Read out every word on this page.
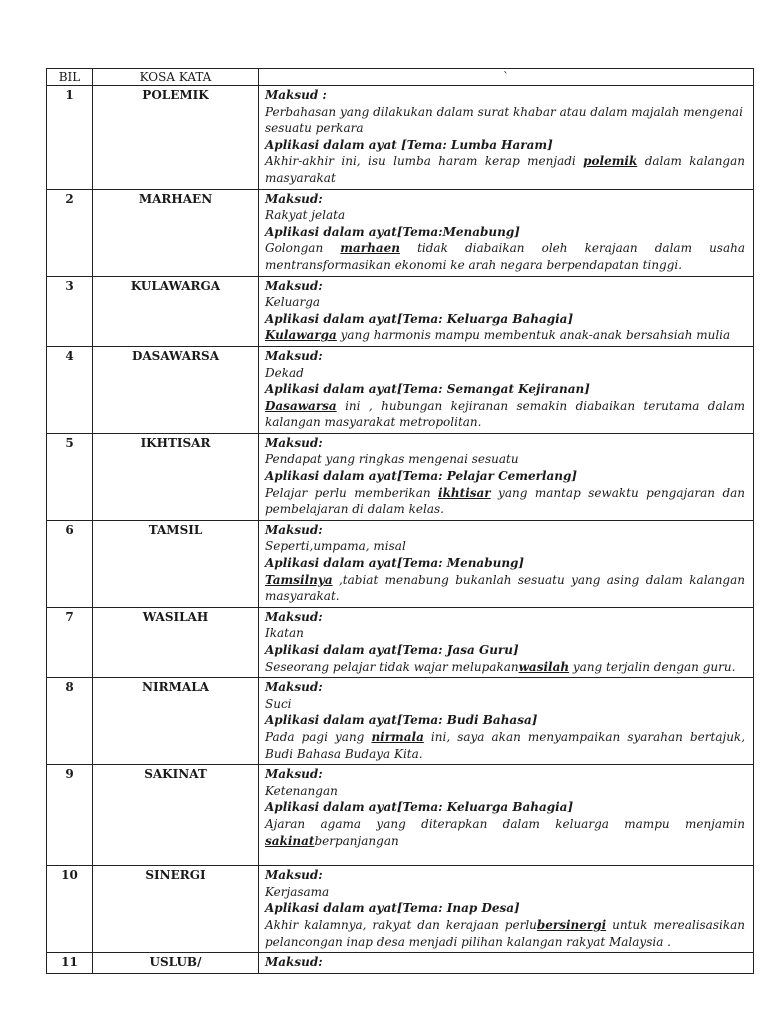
BIL	KOSA KATA	`
1	POLEMIK	Maksud :
Perbahasan yang dilakukan dalam surat khabar atau dalam majalah mengenai sesuatu perkara
Aplikasi dalam ayat [Tema: Lumba Haram]
Akhir-akhir ini, isu lumba haram kerap menjadi polemik dalam kalangan masyarakat

2	MARHAEN	Maksud:
Rakyat jelata
Aplikasi dalam ayat[Tema:Menabung]
Golongan marhaen tidak diabaikan oleh kerajaan dalam usaha mentransformasikan ekonomi ke arah negara berpendapatan tinggi.

3	KULAWARGA	Maksud:
Keluarga
Aplikasi dalam ayat[Tema: Keluarga Bahagia]
Kulawarga yang harmonis mampu membentuk anak-anak bersahsiah mulia

4	DASAWARSA	Maksud:
Dekad
Aplikasi dalam ayat[Tema: Semangat Kejiranan]
Dasawarsa ini , hubungan kejiranan semakin diabaikan terutama dalam kalangan masyarakat metropolitan.

5	IKHTISAR	Maksud:
Pendapat yang ringkas mengenai sesuatu
Aplikasi dalam ayat[Tema: Pelajar Cemerlang]
Pelajar perlu memberikan ikhtisar yang mantap sewaktu pengajaran dan pembelajaran di dalam kelas.

6	TAMSIL	Maksud:
Seperti,umpama, misal
Aplikasi dalam ayat[Tema: Menabung]
Tamsilnya ,tabiat menabung bukanlah sesuatu yang asing dalam kalangan masyarakat.

7	WASILAH	Maksud:
Ikatan
Aplikasi dalam ayat[Tema: Jasa Guru]
Seseorang pelajar tidak wajar melupakanwasilah yang terjalin dengan guru.

8	NIRMALA	Maksud:
Suci
Aplikasi dalam ayat[Tema: Budi Bahasa]
Pada pagi yang nirmala ini, saya akan menyampaikan syarahan bertajuk, Budi Bahasa Budaya Kita.

9	SAKINAT	Maksud:
Ketenangan
Aplikasi dalam ayat[Tema: Keluarga Bahagia]
Ajaran agama yang diterapkan dalam keluarga mampu menjamin sakinatberpanjangan

10	SINERGI	Maksud:
Kerjasama
Aplikasi dalam ayat[Tema: Inap Desa]
Akhir kalamnya, rakyat dan kerajaan perlubersinergi untuk merealisasikan pelancongan inap desa menjadi pilihan kalangan rakyat Malaysia .

11	USLUB/	Maksud:
